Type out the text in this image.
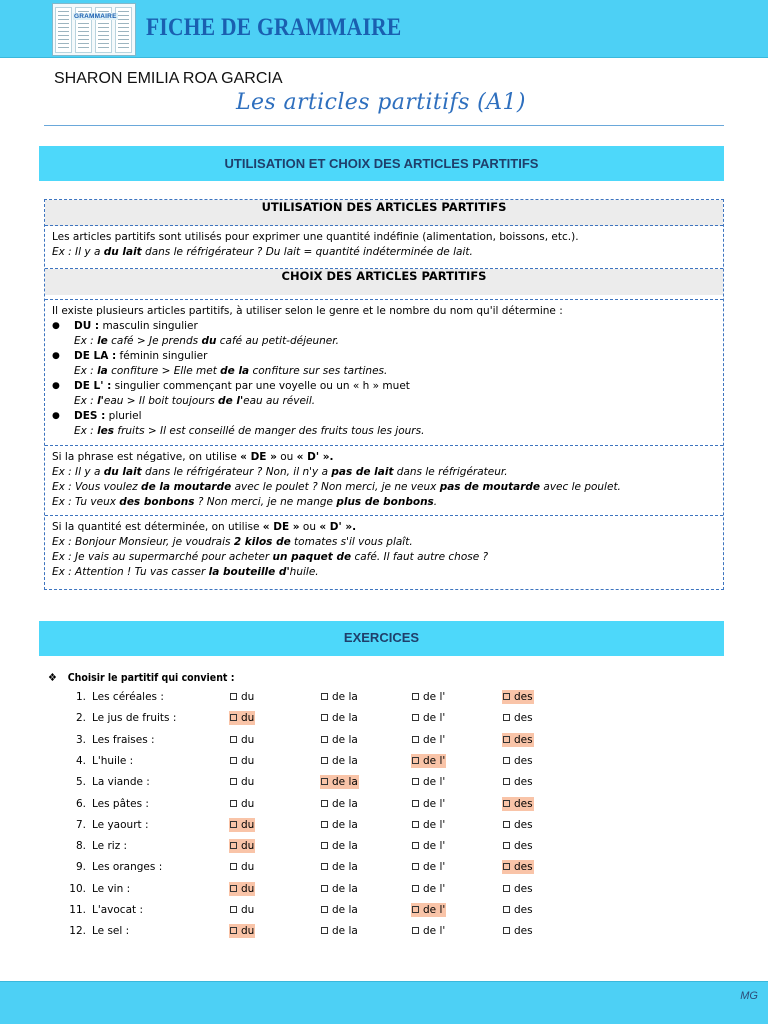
GRAMMAIRE FICHE DE GRAMMAIRE
SHARON EMILIA ROA GARCIA
Les articles partitifs (A1)
UTILISATION ET CHOIX DES ARTICLES PARTITIFS
UTILISATION DES ARTICLES PARTITIFS
Les articles partitifs sont utilisés pour exprimer une quantité indéfinie (alimentation, boissons, etc.).
Ex : Il y a du lait dans le réfrigérateur ? Du lait = quantité indéterminée de lait.
CHOIX DES ARTICLES PARTITIFS
Il existe plusieurs articles partitifs, à utiliser selon le genre et le nombre du nom qu'il détermine :
● DU : masculin singulier
Ex : le café > Je prends du café au petit-déjeuner.
● DE LA : féminin singulier
Ex : la confiture > Elle met de la confiture sur ses tartines.
● DE L' : singulier commençant par une voyelle ou un « h » muet
Ex : l'eau > Il boit toujours de l'eau au réveil.
● DES : pluriel
Ex : les fruits > Il est conseillé de manger des fruits tous les jours.
Si la phrase est négative, on utilise « DE » ou « D' ».
Ex : Il y a du lait dans le réfrigérateur ? Non, il n'y a pas de lait dans le réfrigérateur.
Ex : Vous voulez de la moutarde avec le poulet ? Non merci, je ne veux pas de moutarde avec le poulet.
Ex : Tu veux des bonbons ? Non merci, je ne mange plus de bonbons.
Si la quantité est déterminée, on utilise « DE » ou « D' ».
Ex : Bonjour Monsieur, je voudrais 2 kilos de tomates s'il vous plaît.
Ex : Je vais au supermarché pour acheter un paquet de café. Il faut autre chose ?
Ex : Attention ! Tu vas casser la bouteille d'huile.
EXERCICES
❖ Choisir le partitif qui convient :
1. Les céréales :	du	de la	de l'	des
2. Le jus de fruits :	du	de la	de l'	des
3. Les fraises :	du	de la	de l'	des
4. L'huile :	du	de la	de l'	des
5. La viande :	du	de la	de l'	des
6. Les pâtes :	du	de la	de l'	des
7. Le yaourt :	du	de la	de l'	des
8. Le riz :	du	de la	de l'	des
9. Les oranges :	du	de la	de l'	des
10. Le vin :	du	de la	de l'	des
11. L'avocat :	du	de la	de l'	des
12. Le sel :	du	de la	de l'	des
MG
